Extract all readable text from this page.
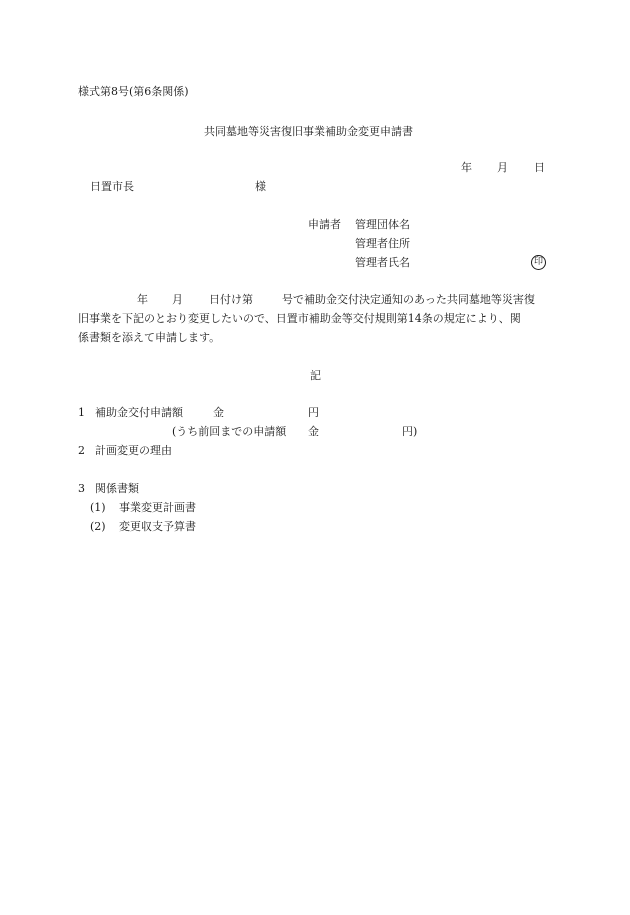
様式第8号(第6条関係)
共同墓地等災害復旧事業補助金変更申請書
年 月 日
日置市長	様
申請者 管理団体名
管理者住所
管理者氏名	印
年 月 日付け第	号で補助金交付決定通知のあった共同墓地等災害復
旧事業を下記のとおり変更したいので、日置市補助金等交付規則第14条の規定により、関
係書類を添えて申請します。
記
1 補助金交付申請額	金	円
(うち前回までの申請額 金	円)
2 計画変更の理由
3 関係書類
(1) 事業変更計画書
(2) 変更収支予算書
